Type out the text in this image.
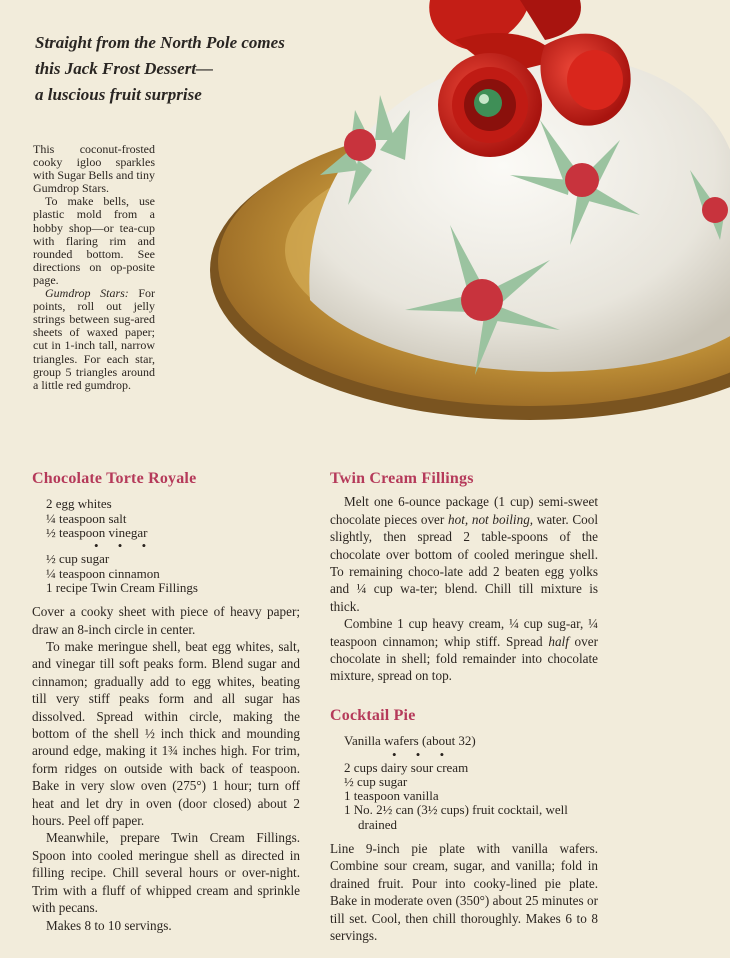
Straight from the North Pole comes
this Jack Frost Dessert—
a luscious fruit surprise

This coconut-frosted cooky igloo sparkles with Sugar Bells and tiny Gumdrop Stars.

To make bells, use plastic mold from a hobby shop—or tea-cup with flaring rim and rounded bottom. See directions on op-posite page.

Gumdrop Stars: For points, roll out jelly strings between sug-ared sheets of waxed paper; cut in 1-inch tall, narrow triangles. For each star, group 5 triangles around a little red gumdrop.

Chocolate Torte Royale
2 egg whites
¼ teaspoon salt
½ teaspoon vinegar
• • •
½ cup sugar
¼ teaspoon cinnamon
1 recipe Twin Cream Fillings

Cover a cooky sheet with piece of heavy paper; draw an 8-inch circle in center.

To make meringue shell, beat egg whites, salt, and vinegar till soft peaks form. Blend sugar and cinnamon; gradually add to egg whites, beating till very stiff peaks form and all sugar has dissolved. Spread within circle, making the bottom of the shell ½ inch thick and mounding around edge, making it 1¾ inches high. For trim, form ridges on outside with back of teaspoon. Bake in very slow oven (275°) 1 hour; turn off heat and let dry in oven (door closed) about 2 hours. Peel off paper.

Meanwhile, prepare Twin Cream Fillings. Spoon into cooled meringue shell as directed in filling recipe. Chill several hours or over-night. Trim with a fluff of whipped cream and sprinkle with pecans.

Makes 8 to 10 servings.

Twin Cream Fillings

Melt one 6-ounce package (1 cup) semi-sweet chocolate pieces over hot, not boiling, water. Cool slightly, then spread 2 table-spoons of the chocolate over bottom of cooled meringue shell. To remaining choco-late add 2 beaten egg yolks and ¼ cup wa-ter; blend. Chill till mixture is thick.

Combine 1 cup heavy cream, ¼ cup sug-ar, ¼ teaspoon cinnamon; whip stiff. Spread half over chocolate in shell; fold remainder into chocolate mixture, spread on top.

Cocktail Pie
Vanilla wafers (about 32)
• • •
2 cups dairy sour cream
½ cup sugar
1 teaspoon vanilla
1 No. 2½ can (3½ cups) fruit cocktail, well drained

Line 9-inch pie plate with vanilla wafers. Combine sour cream, sugar, and vanilla; fold in drained fruit. Pour into cooky-lined pie plate. Bake in moderate oven (350°) about 25 minutes or till set. Cool, then chill thoroughly. Makes 6 to 8 servings.
